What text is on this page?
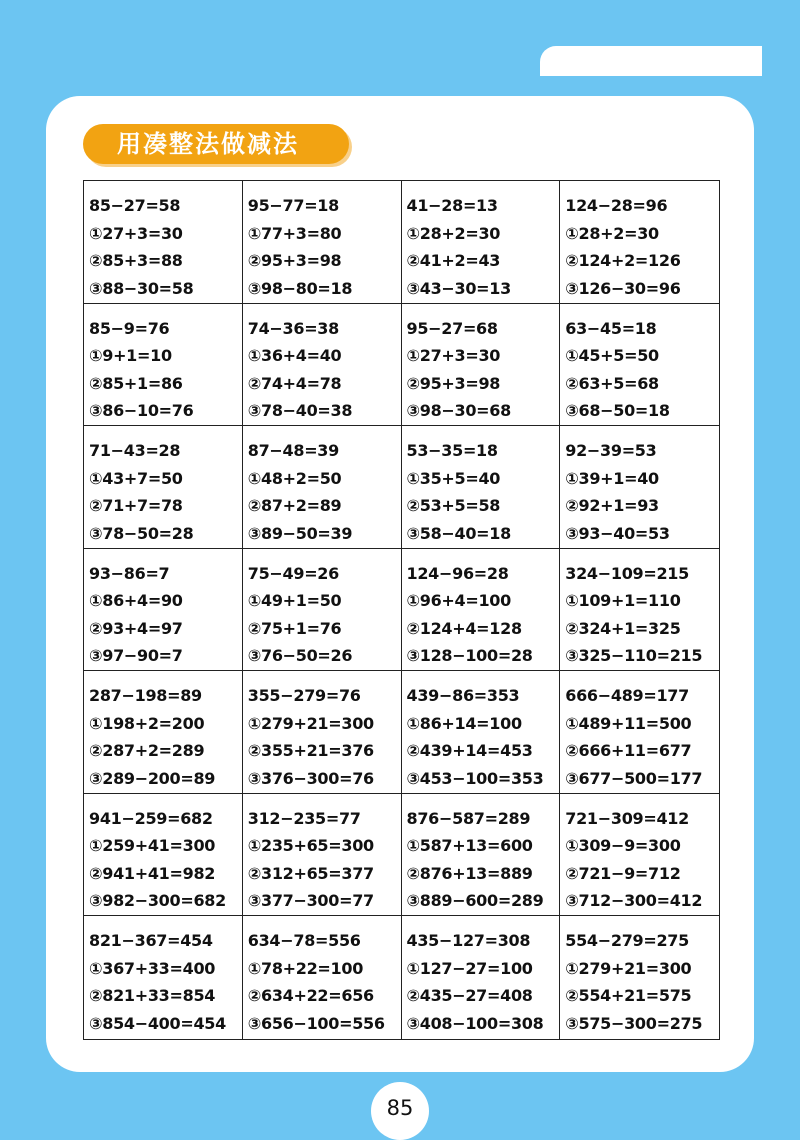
用凑整法做减法
85−27=58
①27+3=30
②85+3=88
③88−30=58
95−77=18
①77+3=80
②95+3=98
③98−80=18
41−28=13
①28+2=30
②41+2=43
③43−30=13
124−28=96
①28+2=30
②124+2=126
③126−30=96
85−9=76
①9+1=10
②85+1=86
③86−10=76
74−36=38
①36+4=40
②74+4=78
③78−40=38
95−27=68
①27+3=30
②95+3=98
③98−30=68
63−45=18
①45+5=50
②63+5=68
③68−50=18
71−43=28
①43+7=50
②71+7=78
③78−50=28
87−48=39
①48+2=50
②87+2=89
③89−50=39
53−35=18
①35+5=40
②53+5=58
③58−40=18
92−39=53
①39+1=40
②92+1=93
③93−40=53
93−86=7
①86+4=90
②93+4=97
③97−90=7
75−49=26
①49+1=50
②75+1=76
③76−50=26
124−96=28
①96+4=100
②124+4=128
③128−100=28
324−109=215
①109+1=110
②324+1=325
③325−110=215
287−198=89
①198+2=200
②287+2=289
③289−200=89
355−279=76
①279+21=300
②355+21=376
③376−300=76
439−86=353
①86+14=100
②439+14=453
③453−100=353
666−489=177
①489+11=500
②666+11=677
③677−500=177
941−259=682
①259+41=300
②941+41=982
③982−300=682
312−235=77
①235+65=300
②312+65=377
③377−300=77
876−587=289
①587+13=600
②876+13=889
③889−600=289
721−309=412
①309−9=300
②721−9=712
③712−300=412
821−367=454
①367+33=400
②821+33=854
③854−400=454
634−78=556
①78+22=100
②634+22=656
③656−100=556
435−127=308
①127−27=100
②435−27=408
③408−100=308
554−279=275
①279+21=300
②554+21=575
③575−300=275
85
